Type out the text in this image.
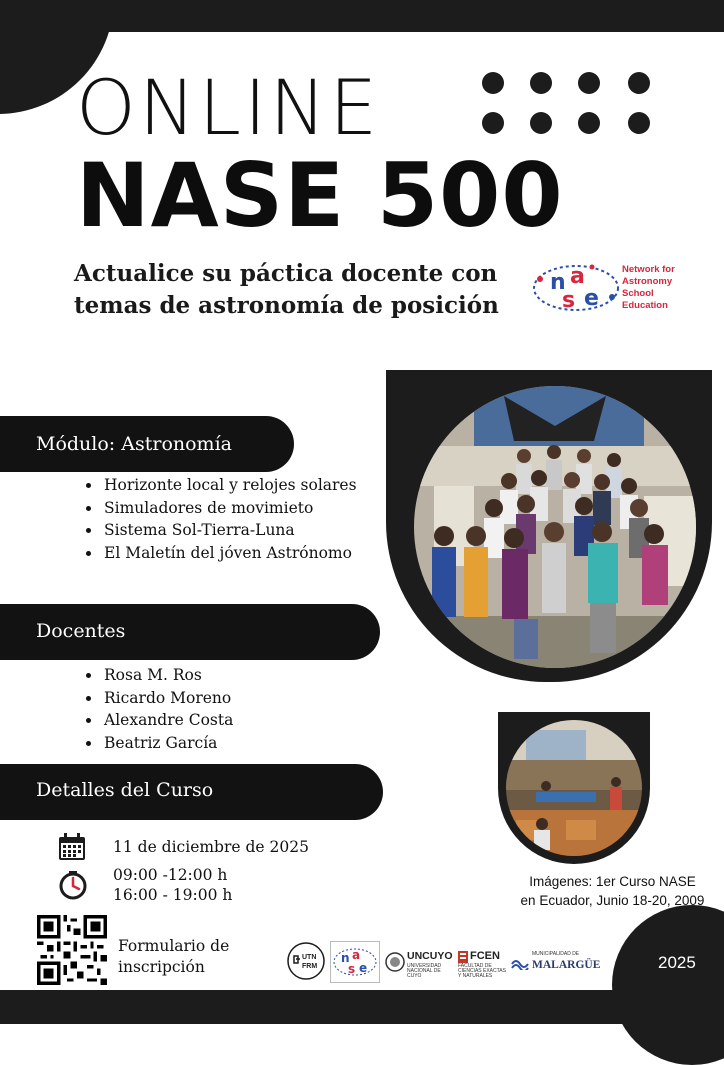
ONLINE
NASE 500
Actualice su páctica docente con
temas de astronomía de posición
n a
s e
Network for
Astronomy
School
Education
Módulo: Astronomía
• Horizonte local y relojes solares
• Simuladores de movimieto
• Sistema Sol-Tierra-Luna
• El Maletín del jóven Astrónomo
Docentes
• Rosa M. Ros
• Ricardo Moreno
• Alexandre Costa
• Beatriz García
Detalles del Curso
Imágenes: 1er Curso NASE
en Ecuador, Junio 18-20, 2009
11 de diciembre de 2025
09:00 -12:00 h
16:00 - 19:00 h
Formulario de
inscripción
UTN
FRM
n a
s e
UNCUYO
UNIVERSIDAD NACIONAL DE CUYO
FCEN
FACULTAD DE CIENCIAS EXACTAS Y NATURALES
MUNICIPALIDAD DE
MALARGÜE	2025
